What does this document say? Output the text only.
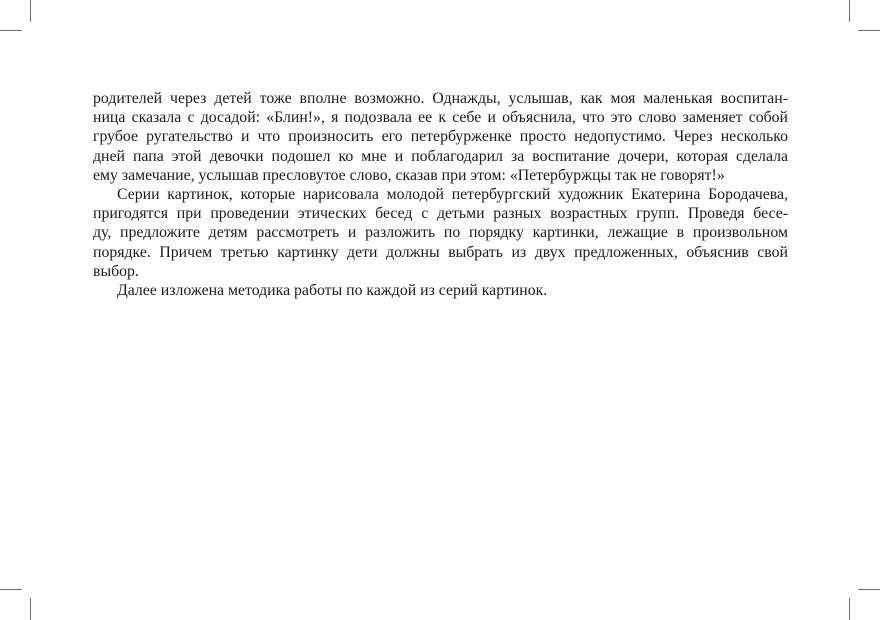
родителей через детей тоже вполне возможно. Однажды, услышав, как моя маленькая воспитан-
ница сказала с досадой: «Блин!», я подозвала ее к себе и объяснила, что это слово заменяет собой
грубое ругательство и что произносить его петербурженке просто недопустимо. Через несколько
дней папа этой девочки подошел ко мне и поблагодарил за воспитание дочери, которая сделала
ему замечание, услышав пресловутое слово, сказав при этом: «Петербуржцы так не говорят!»
Серии картинок, которые нарисовала молодой петербургский художник Екатерина Бородачева,
пригодятся при проведении этических бесед с детьми разных возрастных групп. Проведя бесе-
ду, предложите детям рассмотреть и разложить по порядку картинки, лежащие в произвольном
порядке. Причем третью картинку дети должны выбрать из двух предложенных, объяснив свой
выбор.
Далее изложена методика работы по каждой из серий картинок.
